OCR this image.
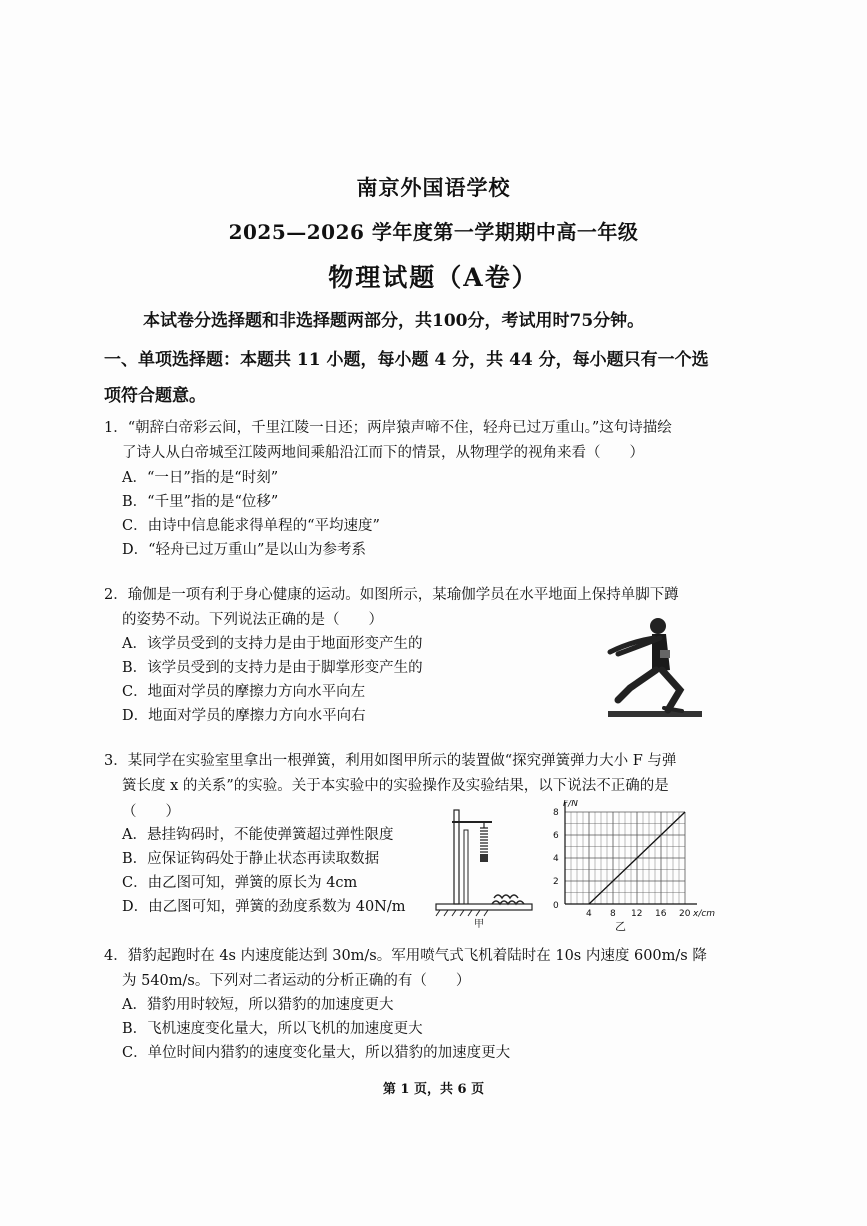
南京外国语学校
2025—2026 学年度第一学期期中高一年级
物理试题（A卷）
本试卷分选择题和非选择题两部分，共100分，考试用时75分钟。
一、单项选择题：本题共 11 小题，每小题 4 分，共 44 分，每小题只有一个选
项符合题意。
1．“朝辞白帝彩云间，千里江陵一日还；两岸猿声啼不住，轻舟已过万重山。”这句诗描绘
了诗人从白帝城至江陵两地间乘船沿江而下的情景，从物理学的视角来看（　　）
A．“一日”指的是“时刻”
B．“千里”指的是“位移”
C．由诗中信息能求得单程的“平均速度”
D．“轻舟已过万重山”是以山为参考系
2．瑜伽是一项有利于身心健康的运动。如图所示，某瑜伽学员在水平地面上保持单脚下蹲
的姿势不动。下列说法正确的是（　　）
A．该学员受到的支持力是由于地面形变产生的
B．该学员受到的支持力是由于脚掌形变产生的
C．地面对学员的摩擦力方向水平向左
D．地面对学员的摩擦力方向水平向右
3．某同学在实验室里拿出一根弹簧，利用如图甲所示的装置做“探究弹簧弹力大小 F 与弹
簧长度 x 的关系”的实验。关于本实验中的实验操作及实验结果，以下说法不正确的是
（　　）
A．悬挂钩码时，不能使弹簧超过弹性限度
B．应保证钩码处于静止状态再读取数据
C．由乙图可知，弹簧的原长为 4cm
D．由乙图可知，弹簧的劲度系数为 40N/m
甲
0
4 8 12 16 20
2
4
6
8
x/cm
F/N
乙
4．猎豹起跑时在 4s 内速度能达到 30m/s。军用喷气式飞机着陆时在 10s 内速度 600m/s 降
为 540m/s。下列对二者运动的分析正确的有（　　）
A．猎豹用时较短，所以猎豹的加速度更大
B．飞机速度变化量大，所以飞机的加速度更大
C．单位时间内猎豹的速度变化量大，所以猎豹的加速度更大
第 1 页，共 6 页
